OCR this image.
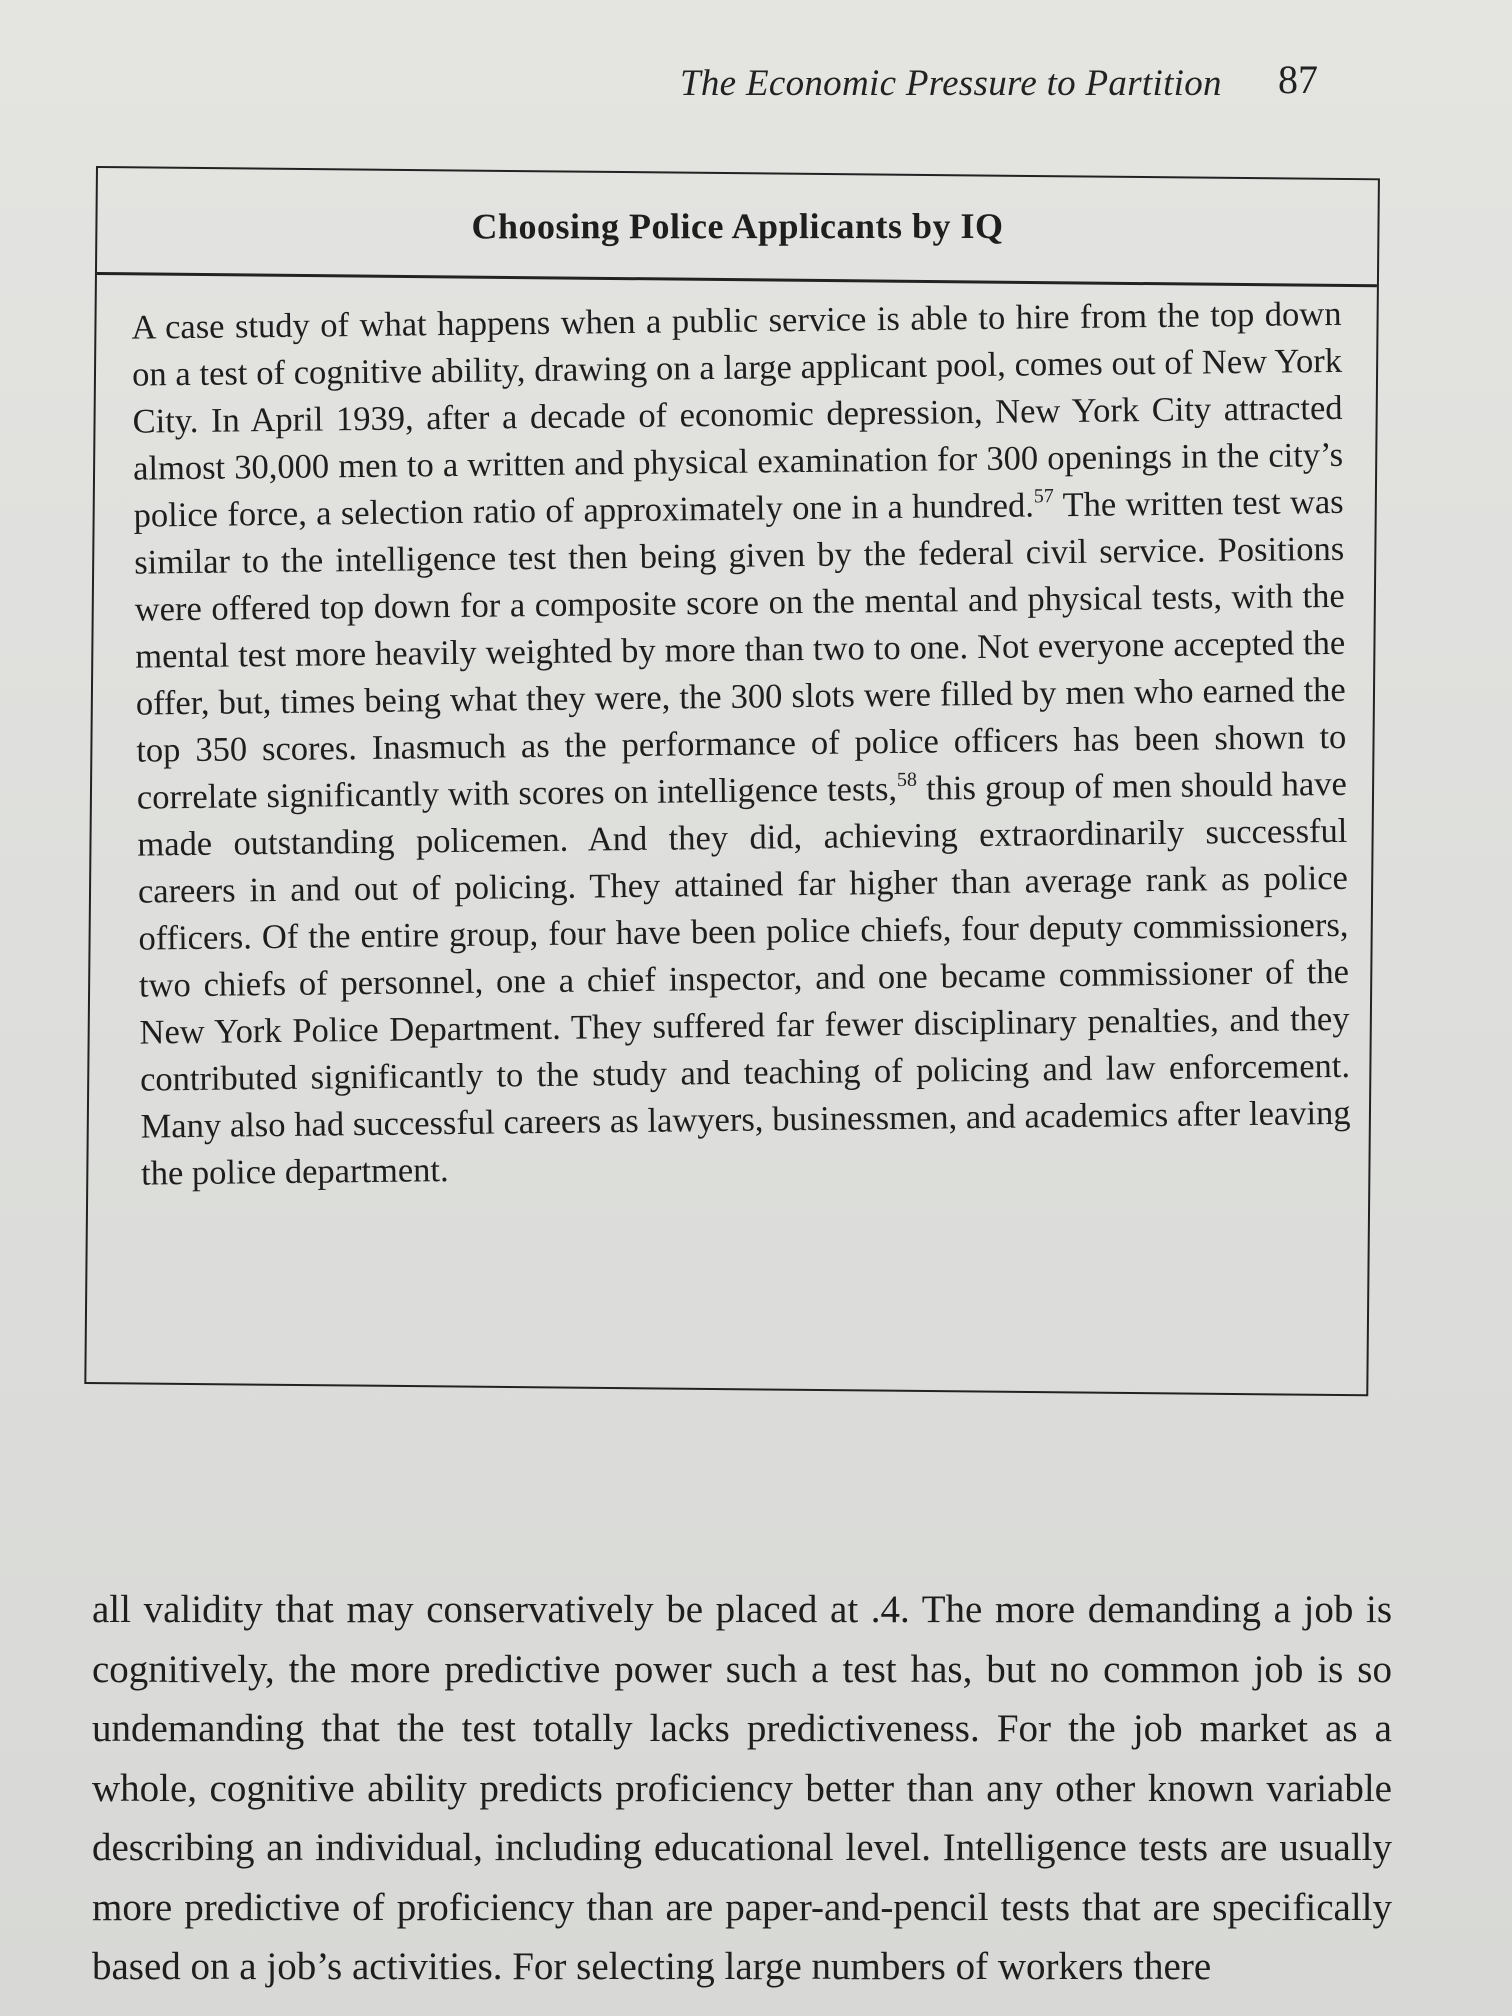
The Economic Pressure to Partition 87
Choosing Police Applicants by IQ

A case study of what happens when a public service is able to hire from the top down on a test of cognitive ability, drawing on a large applicant pool, comes out of New York City. In April 1939, after a decade of economic depression, New York City attracted almost 30,000 men to a written and physical examination for 300 openings in the city’s police force, a selection ratio of approximately one in a hundred.$^{57}$ The written test was similar to the intelligence test then being given by the federal civil service. Positions were offered top down for a composite score on the mental and physical tests, with the mental test more heavily weighted by more than two to one. Not everyone accepted the offer, but, times being what they were, the 300 slots were filled by men who earned the top 350 scores. Inasmuch as the performance of police officers has been shown to correlate significantly with scores on intelligence tests,$^{58}$ this group of men should have made outstanding policemen. And they did, achieving extraordinarily successful careers in and out of policing. They attained far higher than average rank as police officers. Of the entire group, four have been police chiefs, four deputy commissioners, two chiefs of personnel, one a chief inspector, and one became commissioner of the New York Police Department. They suffered far fewer disciplinary penalties, and they contributed significantly to the study and teaching of policing and law enforcement. Many also had successful careers as lawyers, businessmen, and academics after leaving the police department.

all validity that may conservatively be placed at .4. The more demanding a job is cognitively, the more predictive power such a test has, but no common job is so undemanding that the test totally lacks predictiveness. For the job market as a whole, cognitive ability predicts proficiency better than any other known variable describing an individual, including educational level. Intelligence tests are usually more predictive of proficiency than are paper-and-pencil tests that are specifically based on a job’s activities. For selecting large numbers of workers there
